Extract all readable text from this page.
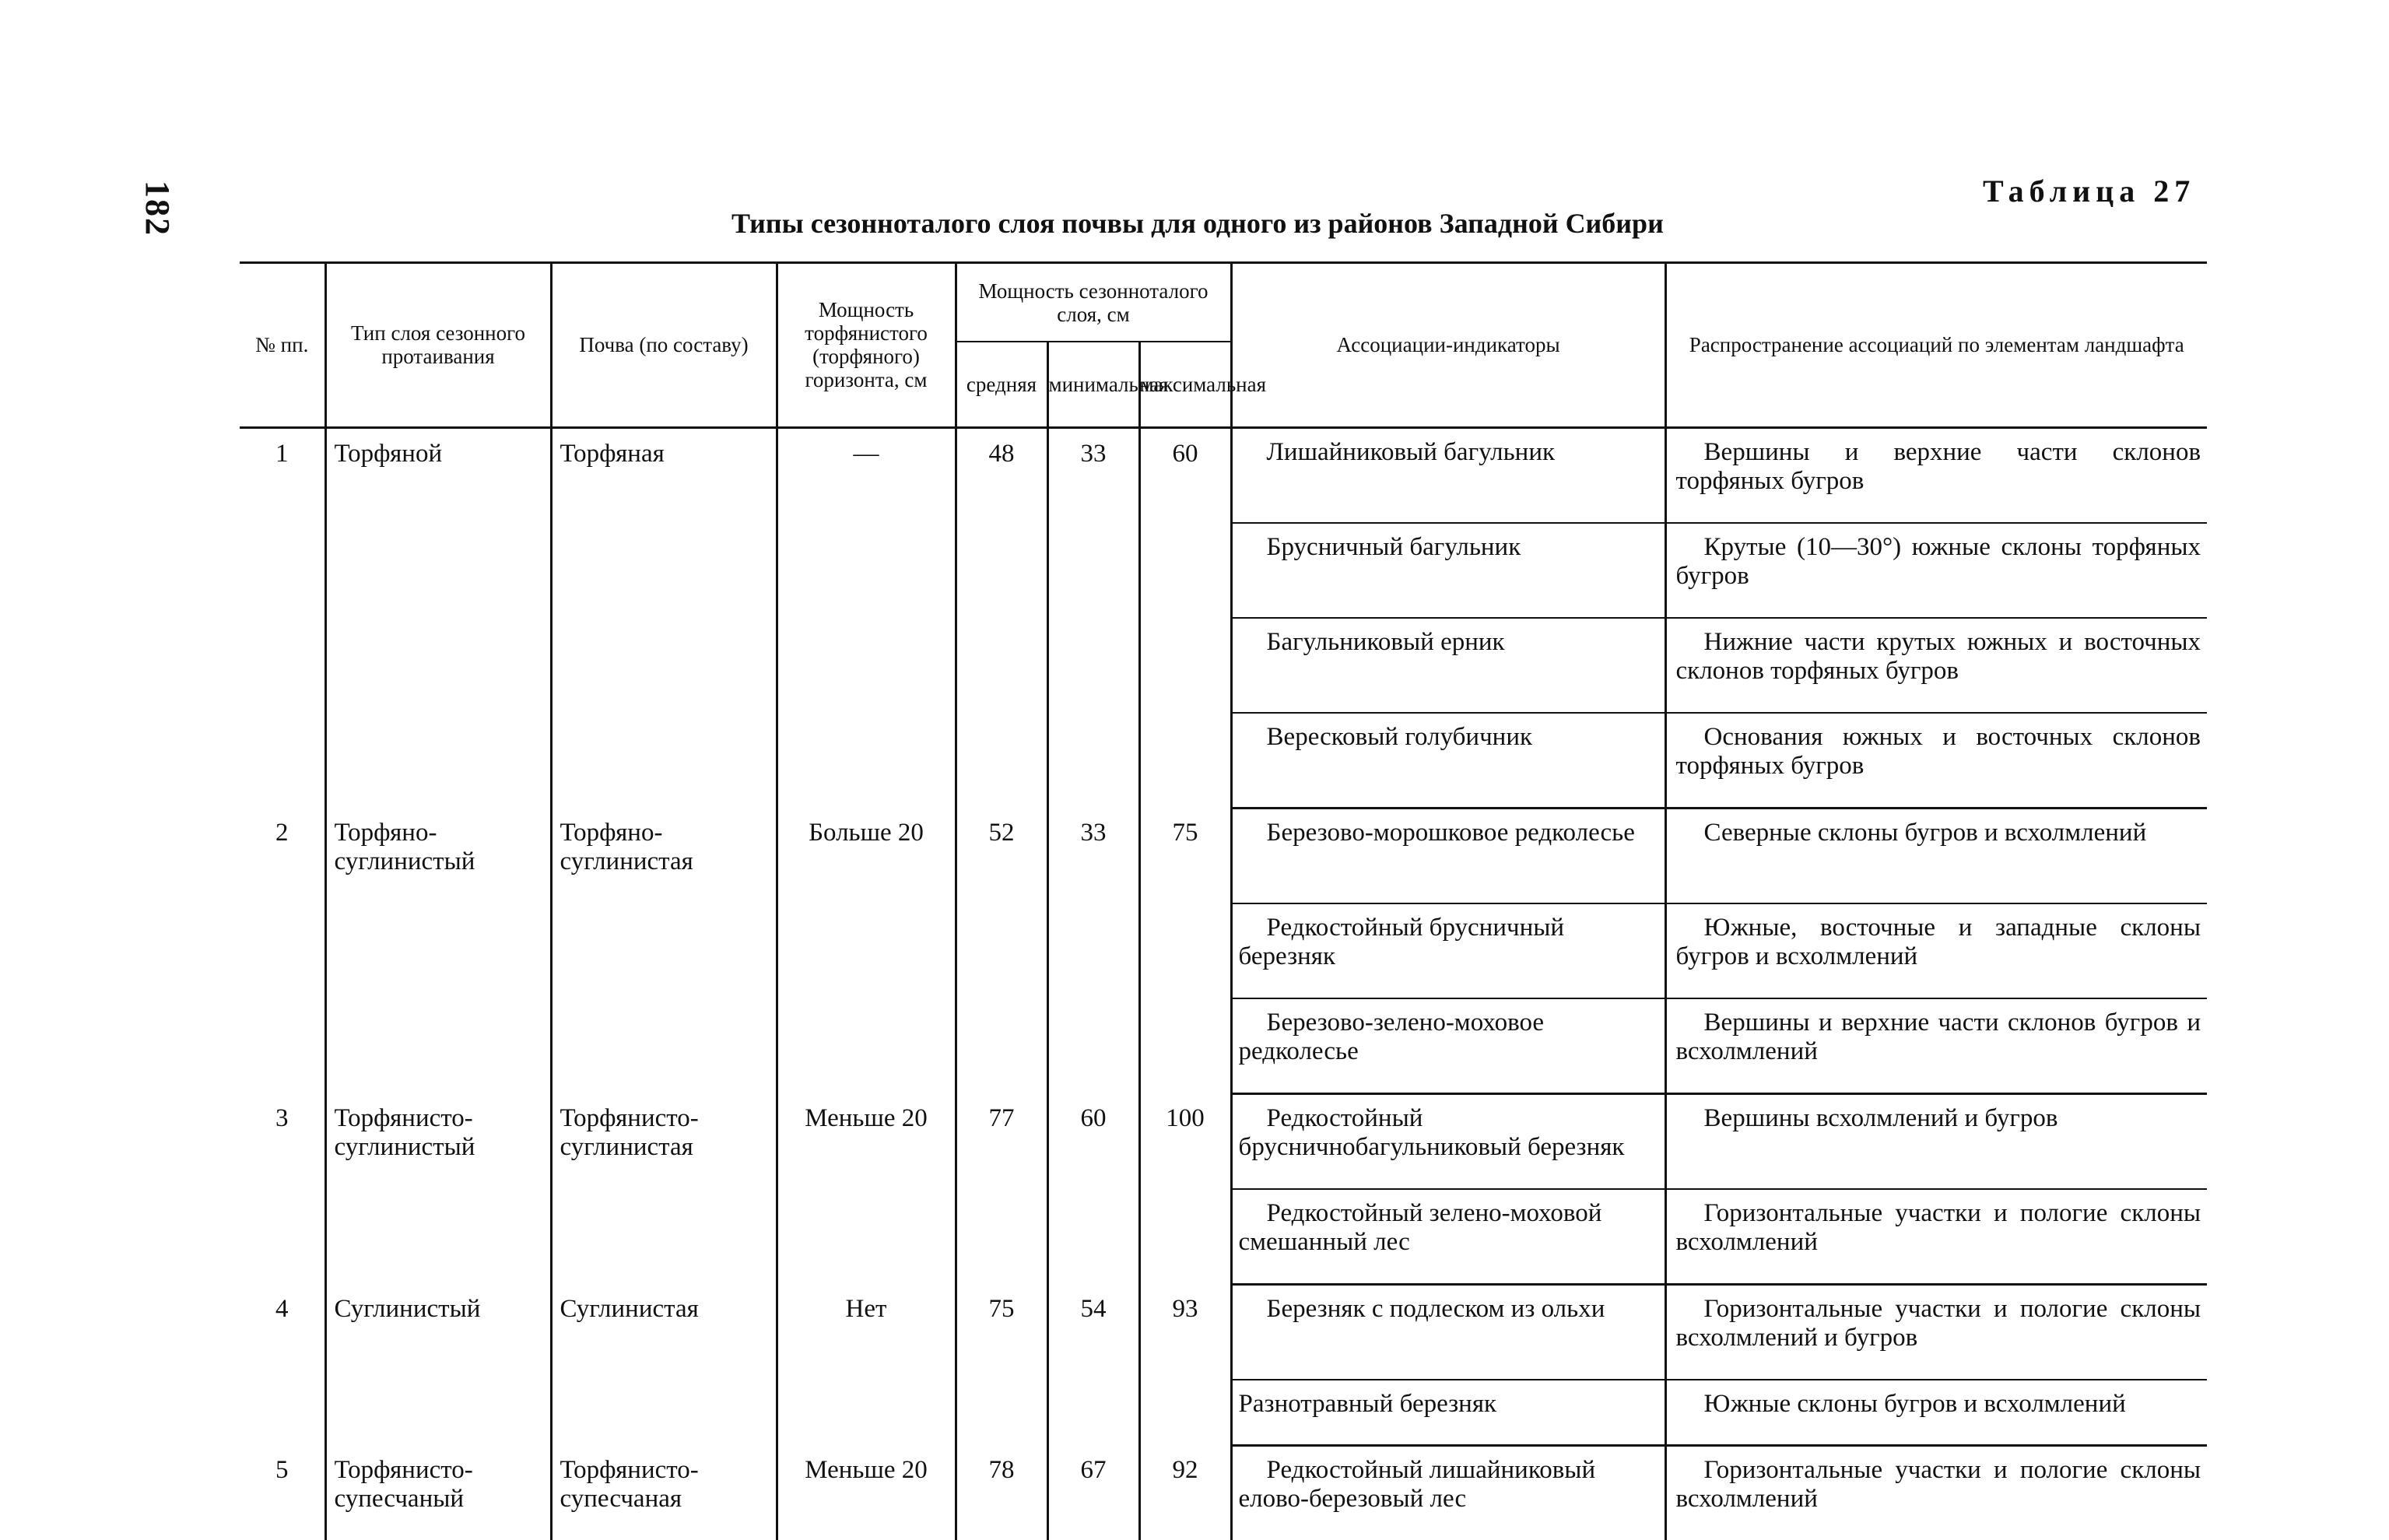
182	Таблица 27
Типы сезонноталого слоя почвы для одного из районов Западной Сибири
№ пп.	Тип слоя сезонного протаивания	Почва (по составу)	Мощность торфянистого (торфяного) горизонта, см	Мощность сезонноталого слоя, см			Ассоциации-индикаторы	Распространение ассоциаций по элементам ландшафта
				средняя	минимальная	максимальная		
1	Торфяной	Торфяная	—	48	33	60	Лишайниковый багульник	Вершины и верхние части склонов торфяных бугров

							Брусничный багульник	Крутые (10—30°) южные склоны торфяных бугров

							Багульниковый ерник	Нижние части крутых южных и восточных склонов торфяных бугров

							Вересковый голубичник	Основания южных и восточных склонов торфяных бугров

2	Торфяно-суглинистый	Торфяно-суглинистая	Больше 20	52	33	75	Березово-морошковое редколесье	Северные склоны бугров и всхолмлений

							Редкостойный брусничный березняк	Южные, восточные и западные склоны бугров и всхолмлений

							Березово-зелено-моховое редколесье	Вершины и верхние части склонов бугров и всхолмлений

3	Торфянисто-суглинистый	Торфянисто-суглинистая	Меньше 20	77	60	100	Редкостойный брусничнобагульниковый березняк	Вершины всхолмлений и бугров

							Редкостойный зелено-моховой смешанный лес	Горизонтальные участки и пологие склоны всхолмлений

4	Суглинистый	Суглинистая	Нет	75	54	93	Березняк с подлеском из ольхи	Горизонтальные участки и пологие склоны всхолмлений и бугров

							Разнотравный березняк	Южные склоны бугров и всхолмлений

5	Торфянисто-супесчаный	Торфянисто-супесчаная	Меньше 20	78	67	92	Редкостойный лишайниковый елово-березовый лес	Горизонтальные участки и пологие склоны всхолмлений
